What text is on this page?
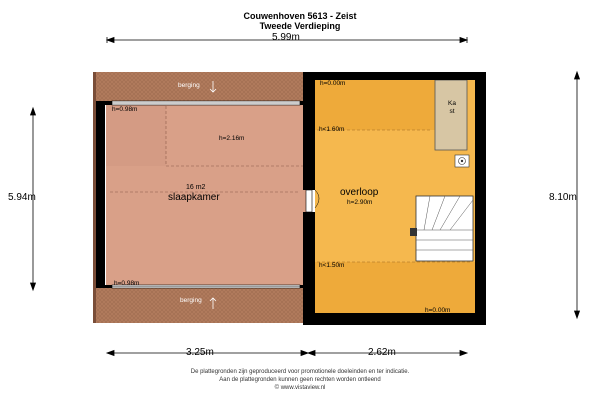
Couwenhoven 5613 - Zeist
Tweede Verdieping
5.99m
5.94m	8.10m
3.25m	2.62m
berging
berging
16 m2
slaapkamer	overloop
Kast
h=0.98m
h=2.16m
h=0.98m
h=0.00m
h<1.60m
h=2.90m
h<1.50m
h=0.00m
De plattegronden zijn geproduceerd voor promotionele doeleinden en ter indicatie.
Aan de plattegronden kunnen geen rechten worden ontleend
© www.vistaview.nl
